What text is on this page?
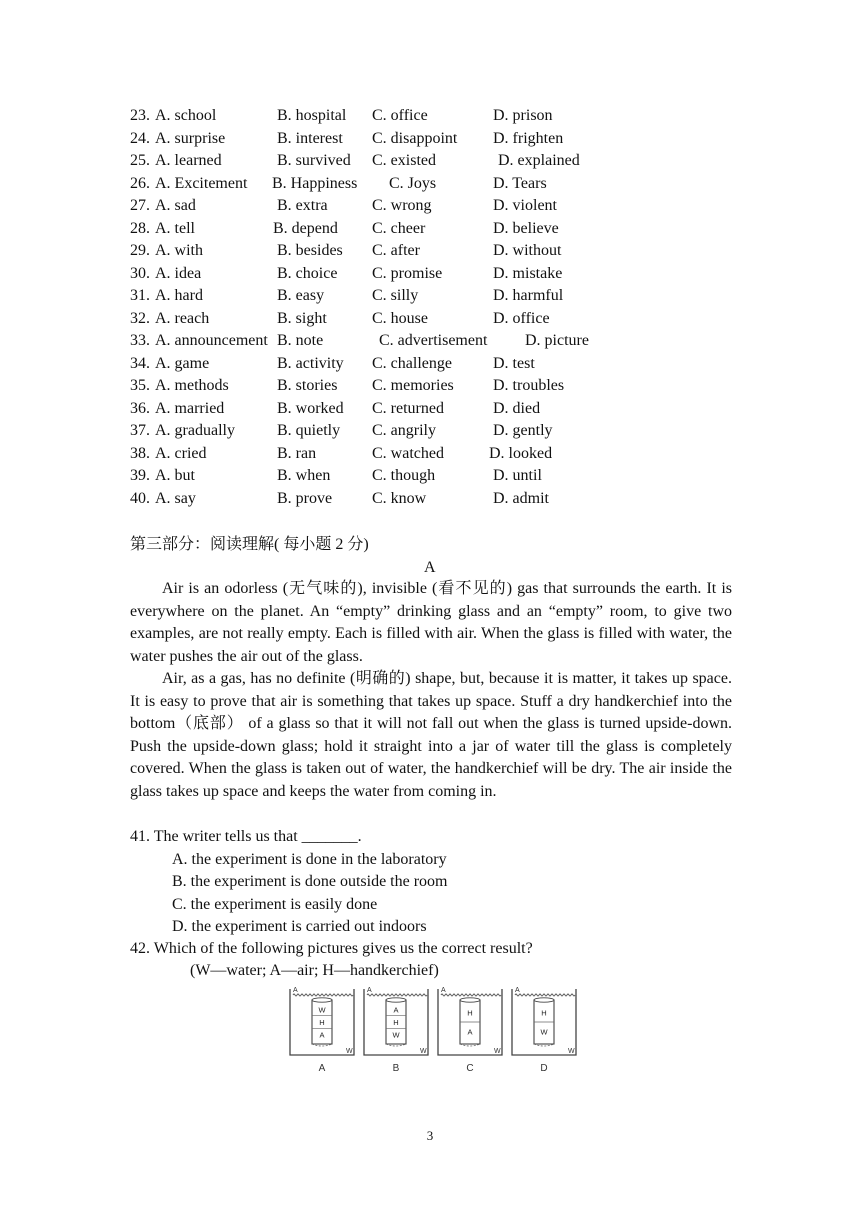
23. A. school	B. hospital C. office	D. prison
24. A. surprise	B. interest C. disappoint D. frighten
25. A. learned	B. survived C. existed	D. explained
26. A. Excitement B. Happiness C. Joys	D. Tears
27. A. sad	B. extra	C. wrong	D. violent
28. A. tell	B. depend C. cheer	D. believe
29. A. with	B. besides C. after	D. without
30. A. idea	B. choice C. promise	D. mistake
31. A. hard	B. easy	C. silly	D. harmful
32. A. reach	B. sight	C. house	D. office
33. A. announcement B. note	C. advertisement D. picture
34. A. game	B. activity C. challenge	D. test
35. A. methods	B. stories C. memories D. troubles
36. A. married	B. worked C. returned	D. died
37. A. gradually	B. quietly C. angrily	D. gently
38. A. cried	B. ran	C. watched	D. looked
39. A. but	B. when	C. though	D. until
40. A. say	B. prove C. know	D. admit
第三部分：阅读理解( 每小题 2 分)
A

Air is an odorless (无气味的), invisible (看不见的) gas that surrounds the earth. It is everywhere on the planet. An “empty” drinking glass and an “empty” room, to give two examples, are not really empty. Each is filled with air. When the glass is filled with water, the water pushes the air out of the glass.

Air, as a gas, has no definite (明确的) shape, but, because it is matter, it takes up space. It is easy to prove that air is something that takes up space. Stuff a dry handkerchief into the bottom（底部） of a glass so that it will not fall out when the glass is turned upside-down. Push the upside-down glass; hold it straight into a jar of water till the glass is completely covered. When the glass is taken out of water, the handkerchief will be dry. The air inside the glass takes up space and keeps the water from coming in.

41. The writer tells us that _______.
A. the experiment is done in the laboratory
B. the experiment is done outside the room
C. the experiment is easily done
D. the experiment is carried out indoors
42. Which of the following pictures gives us the correct result?
(W—water; A—air; H—handkerchief)
A
W
W
H
A
A
A
W
A
H
W
B
A
W
H
A
C
A
W
H
W
D
3
